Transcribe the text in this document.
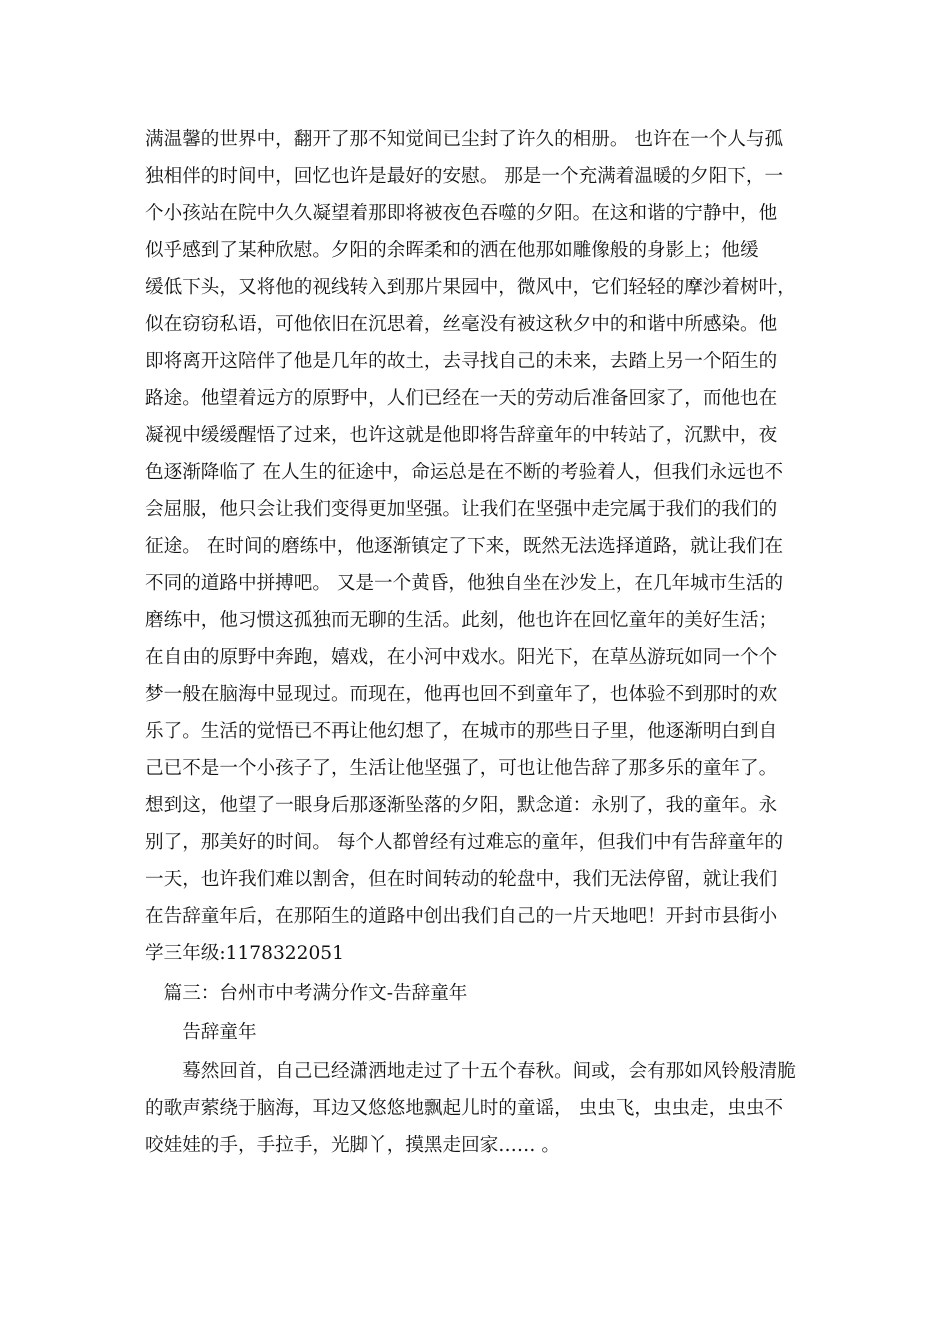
满温馨的世界中，翻开了那不知觉间已尘封了许久的相册。 也许在一个人与孤

独相伴的时间中，回忆也许是最好的安慰。 那是一个充满着温暖的夕阳下，一

个小孩站在院中久久凝望着那即将被夜色吞噬的夕阳。在这和谐的宁静中，他

似乎感到了某种欣慰。夕阳的余晖柔和的洒在他那如雕像般的身影上；他缓

缓低下头，又将他的视线转入到那片果园中，微风中，它们轻轻的摩沙着树叶，

似在窃窃私语，可他依旧在沉思着，丝毫没有被这秋夕中的和谐中所感染。他

即将离开这陪伴了他是几年的故土，去寻找自己的未来，去踏上另一个陌生的

路途。他望着远方的原野中，人们已经在一天的劳动后准备回家了，而他也在

凝视中缓缓醒悟了过来，也许这就是他即将告辞童年的中转站了，沉默中，夜

色逐渐降临了 在人生的征途中，命运总是在不断的考验着人，但我们永远也不

会屈服，他只会让我们变得更加坚强。让我们在坚强中走完属于我们的我们的

征途。 在时间的磨练中，他逐渐镇定了下来，既然无法选择道路，就让我们在

不同的道路中拼搏吧。 又是一个黄昏，他独自坐在沙发上，在几年城市生活的

磨练中，他习惯这孤独而无聊的生活。此刻，他也许在回忆童年的美好生活；

在自由的原野中奔跑，嬉戏，在小河中戏水。阳光下，在草丛游玩如同一个个

梦一般在脑海中显现过。而现在，他再也回不到童年了，也体验不到那时的欢

乐了。生活的觉悟已不再让他幻想了，在城市的那些日子里，他逐渐明白到自

己已不是一个小孩子了，生活让他坚强了，可也让他告辞了那多乐的童年了。

想到这，他望了一眼身后那逐渐坠落的夕阳，默念道：永别了，我的童年。永

别了，那美好的时间。 每个人都曾经有过难忘的童年，但我们中有告辞童年的

一天，也许我们难以割舍，但在时间转动的轮盘中，我们无法停留，就让我们

在告辞童年后，在那陌生的道路中创出我们自己的一片天地吧！开封市县街小

学三年级:1178322051

　篇三：台州市中考满分作文-告辞童年

　　告辞童年

　　蓦然回首，自己已经潇洒地走过了十五个春秋。间或，会有那如风铃般清脆

的歌声萦绕于脑海，耳边又悠悠地飘起儿时的童谣， 虫虫飞，虫虫走，虫虫不

咬娃娃的手，手拉手，光脚丫，摸黑走回家…… 。
